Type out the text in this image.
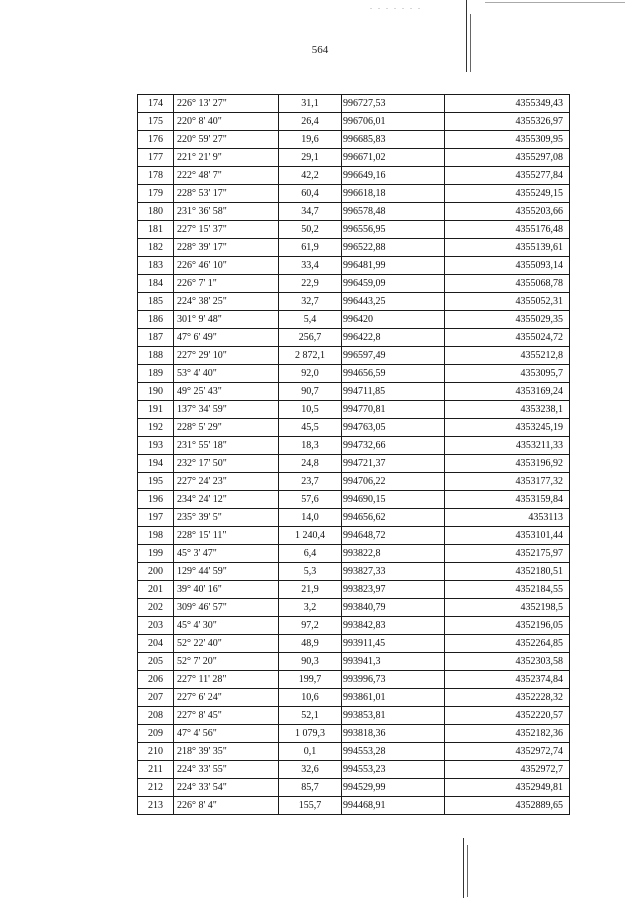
. . . . . . .
564
174	226° 13' 27"	31,1	996727,53	4355349,43
175	220° 8' 40"	26,4	996706,01	4355326,97
176	220° 59' 27"	19,6	996685,83	4355309,95
177	221° 21' 9"	29,1	996671,02	4355297,08
178	222° 48' 7"	42,2	996649,16	4355277,84
179	228° 53' 17"	60,4	996618,18	4355249,15
180	231° 36' 58"	34,7	996578,48	4355203,66
181	227° 15' 37"	50,2	996556,95	4355176,48
182	228° 39' 17"	61,9	996522,88	4355139,61
183	226° 46' 10"	33,4	996481,99	4355093,14
184	226° 7' 1"	22,9	996459,09	4355068,78
185	224° 38' 25"	32,7	996443,25	4355052,31
186	301° 9' 48"	5,4	996420	4355029,35
187	47° 6' 49"	256,7	996422,8	4355024,72
188	227° 29' 10"	2 872,1	996597,49	4355212,8
189	53° 4' 40"	92,0	994656,59	4353095,7
190	49° 25' 43"	90,7	994711,85	4353169,24
191	137° 34' 59"	10,5	994770,81	4353238,1
192	228° 5' 29"	45,5	994763,05	4353245,19
193	231° 55' 18"	18,3	994732,66	4353211,33
194	232° 17' 50"	24,8	994721,37	4353196,92
195	227° 24' 23"	23,7	994706,22	4353177,32
196	234° 24' 12"	57,6	994690,15	4353159,84
197	235° 39' 5"	14,0	994656,62	4353113
198	228° 15' 11"	1 240,4	994648,72	4353101,44
199	45° 3' 47"	6,4	993822,8	4352175,97
200	129° 44' 59"	5,3	993827,33	4352180,51
201	39° 40' 16"	21,9	993823,97	4352184,55
202	309° 46' 57"	3,2	993840,79	4352198,5
203	45° 4' 30"	97,2	993842,83	4352196,05
204	52° 22' 40"	48,9	993911,45	4352264,85
205	52° 7' 20"	90,3	993941,3	4352303,58
206	227° 11' 28"	199,7	993996,73	4352374,84
207	227° 6' 24"	10,6	993861,01	4352228,32
208	227° 8' 45"	52,1	993853,81	4352220,57
209	47° 4' 56"	1 079,3	993818,36	4352182,36
210	218° 39' 35"	0,1	994553,28	4352972,74
211	224° 33' 55"	32,6	994553,23	4352972,7
212	224° 33' 54"	85,7	994529,99	4352949,81
213	226° 8' 4"	155,7	994468,91	4352889,65
